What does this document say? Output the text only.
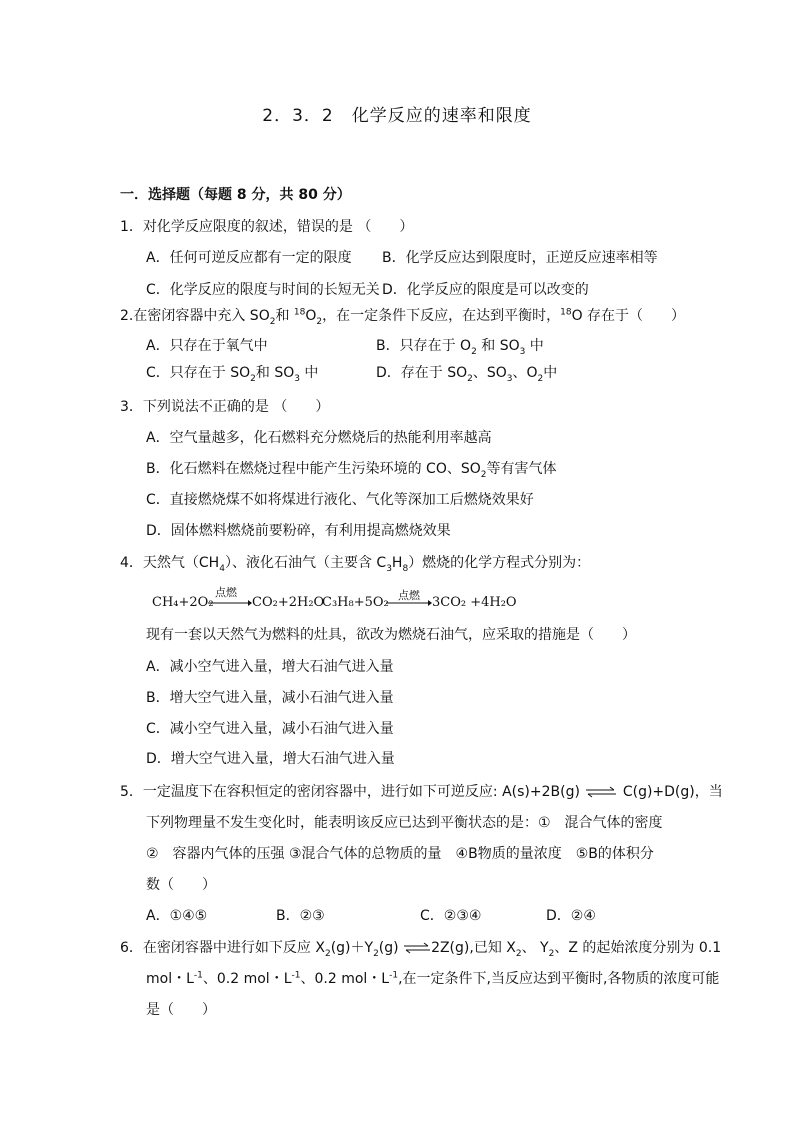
2．3．2　化学反应的速率和限度
一．选择题（每题 8 分，共 80 分）
1．对化学反应限度的叙述，错误的是 （　　）
A．任何可逆反应都有一定的限度 B．化学反应达到限度时，正逆反应速率相等
C．化学反应的限度与时间的长短无关 D．化学反应的限度是可以改变的
2.在密闭容器中充入 $SO_2$和 $^{18}O_2$，在一定条件下反应，在达到平衡时，$^{18}$O 存在于（　　）
A．只存在于氧气中	B．只存在于 $O_2$ 和 $SO_3$ 中
C．只存在于 $SO_2$和 $SO_3$ 中	D．存在于 $SO_2$、$SO_3$、$O_2$中
3．下列说法不正确的是 （　　）
A．空气量越多，化石燃料充分燃烧后的热能利用率越高
B．化石燃料在燃烧过程中能产生污染环境的 CO、$SO_2$等有害气体
C．直接燃烧煤不如将煤进行液化、气化等深加工后燃烧效果好
D．固体燃料燃烧前要粉碎，有利用提高燃烧效果
4．天然气$(CH_4)$、液化石油气（主要含 $C_3H_8$）燃烧的化学方程式分别为：
CH₄+2O₂
点燃
CO₂+2H₂O
C₃H₈+5O₂ 点燃 3CO₂ +4H₂O
现有一套以天然气为燃料的灶具，欲改为燃烧石油气，应采取的措施是（　　）
A．减小空气进入量，增大石油气进入量
B．增大空气进入量，减小石油气进入量
C．减小空气进入量，减小石油气进入量
D．增大空气进入量，增大石油气进入量
5．一定温度下在容积恒定的密闭容器中，进行如下可逆反应: A(s)+2B(g) ⇌ C(g)+D(g)，当
下列物理量不发生变化时，能表明该反应已达到平衡状态的是：①　混合气体的密度
②　容器内气体的压强 ③混合气体的总物质的量　④B物质的量浓度　⑤B的体积分
数（　　）
A．①④⑤	B．②③	C．②③④	D．②④
6．在密闭容器中进行如下反应 $X_2(g)+Y_2(g)$ ⇌2Z(g),已知 $X_2$、 $Y_2$、Z 的起始浓度分别为 0.1
mol・$L^{-1}$、0.2 mol・$L^{-1}$、0.2 mol・$L^{-1}$,在一定条件下,当反应达到平衡时,各物质的浓度可能
是（　　）
